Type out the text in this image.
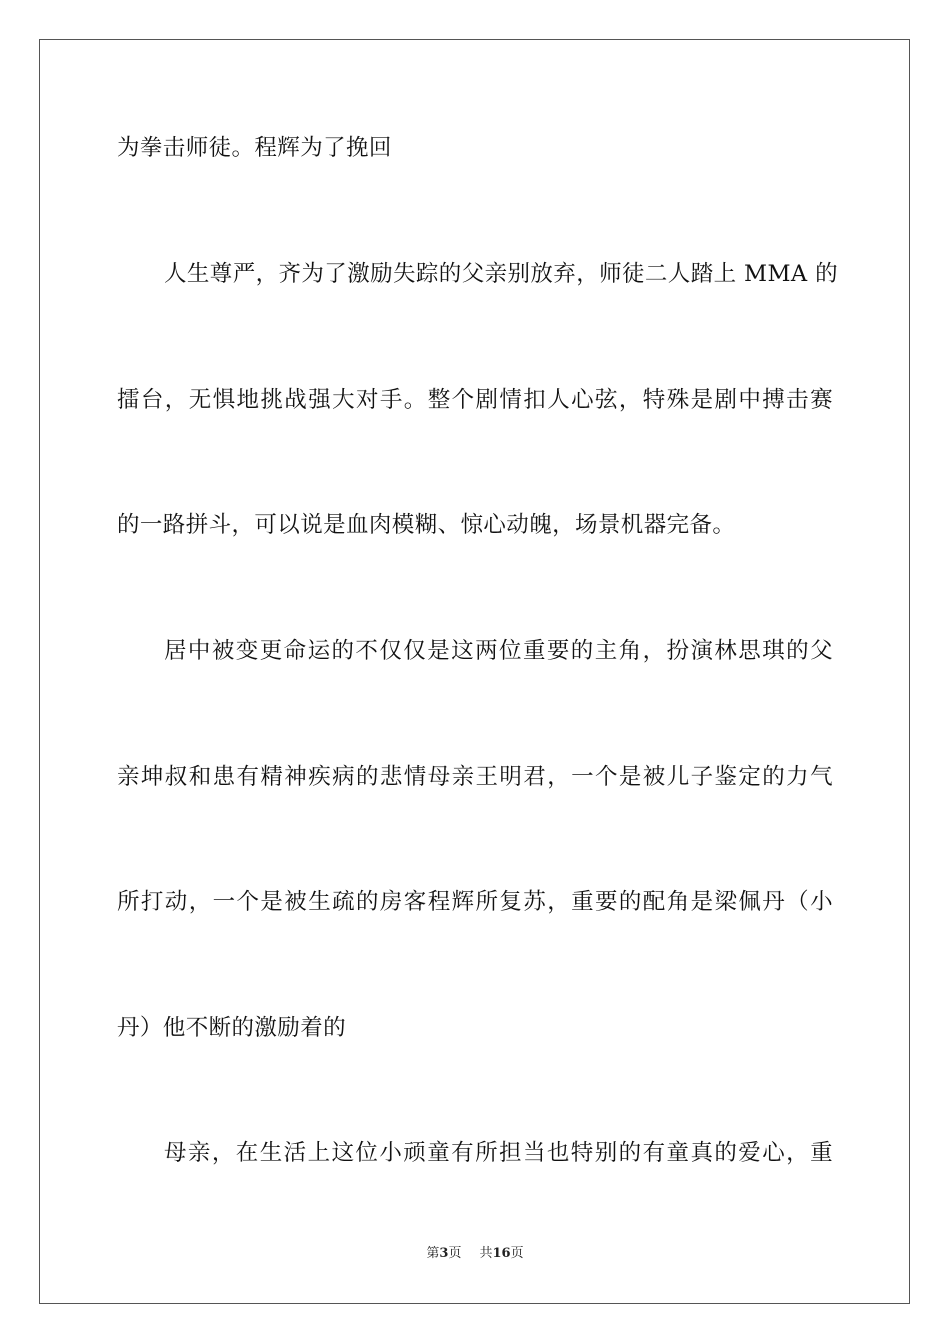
为拳击师徒。程辉为了挽回
人生尊严，齐为了激励失踪的父亲别放弃，师徒二人踏上 MMA 的
擂台，无惧地挑战强大对手。整个剧情扣人心弦，特殊是剧中搏击赛
的一路拼斗，可以说是血肉模糊、惊心动魄，场景机器完备。
居中被变更命运的不仅仅是这两位重要的主角，扮演林思琪的父
亲坤叔和患有精神疾病的悲情母亲王明君，一个是被儿子鉴定的力气
所打动，一个是被生疏的房客程辉所复苏，重要的配角是梁佩丹（小
丹）他不断的激励着的
母亲，在生活上这位小顽童有所担当也特别的有童真的爱心，重
第3页 共16页
